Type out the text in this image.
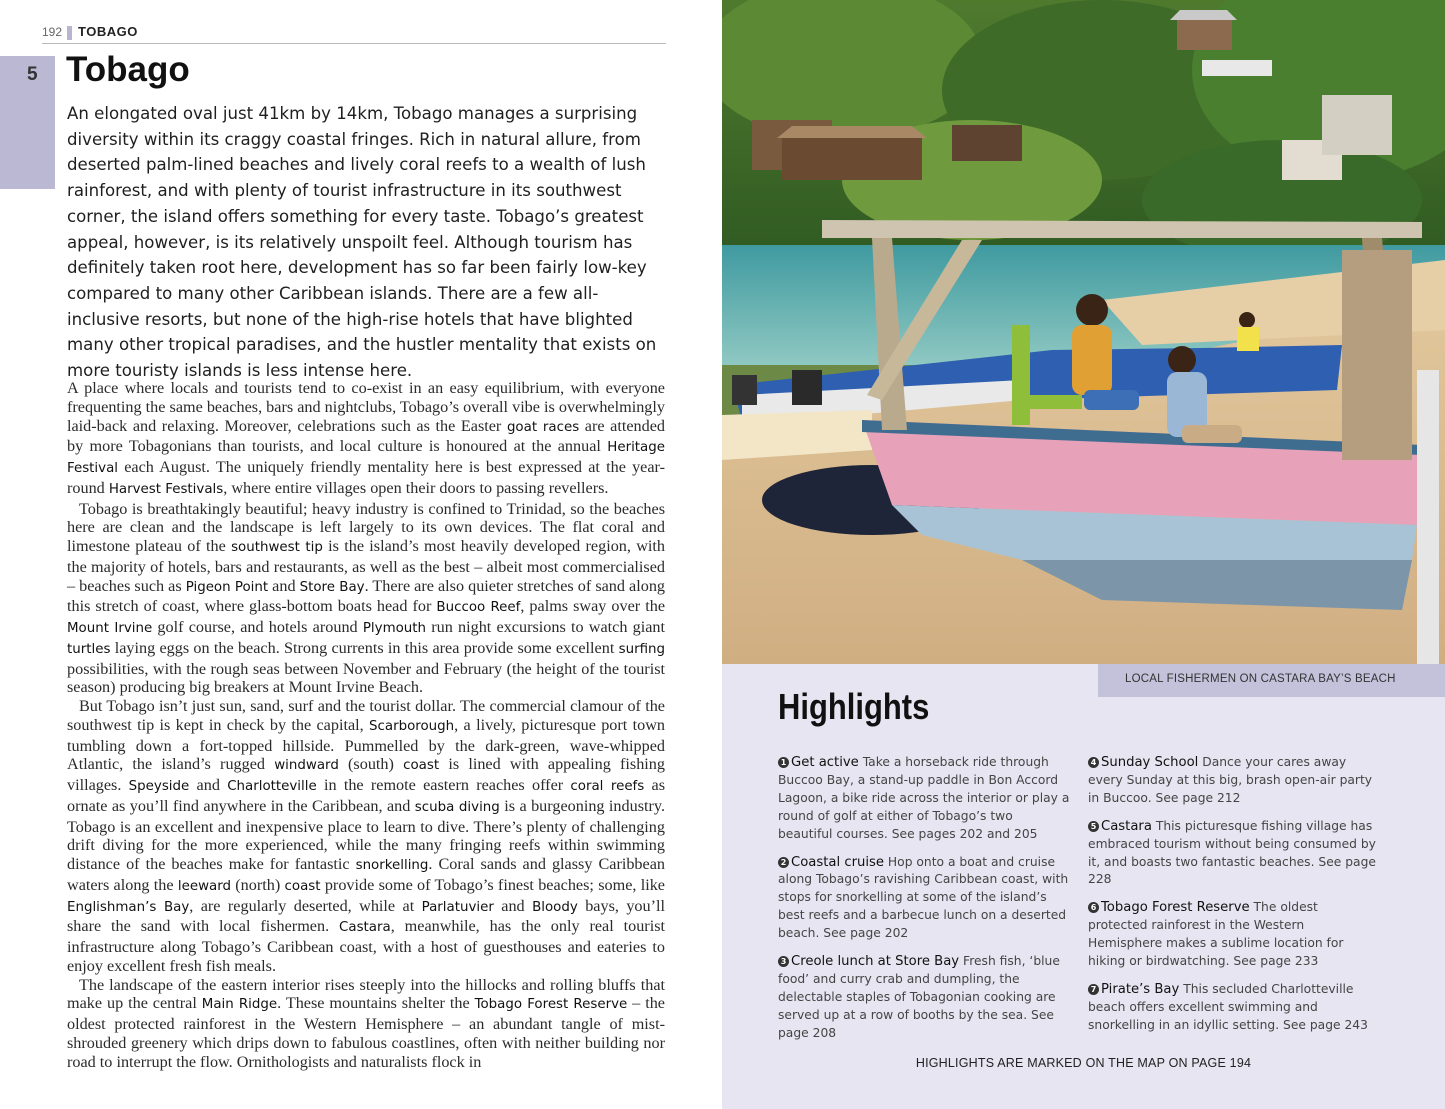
192 TOBAGO
5 Tobago

An elongated oval just 41km by 14km, Tobago manages a surprising diversity within its craggy coastal fringes. Rich in natural allure, from deserted palm-lined beaches and lively coral reefs to a wealth of lush rainforest, and with plenty of tourist infrastructure in its southwest corner, the island offers something for every taste. Tobago’s greatest appeal, however, is its relatively unspoilt feel. Although tourism has definitely taken root here, development has so far been fairly low-key compared to many other Caribbean islands. There are a few all-inclusive resorts, but none of the high-rise hotels that have blighted many other tropical paradises, and the hustler mentality that exists on more touristy islands is less intense here.

A place where locals and tourists tend to co-exist in an easy equilibrium, with everyone frequenting the same beaches, bars and nightclubs, Tobago’s overall vibe is overwhelmingly laid-back and relaxing. Moreover, celebrations such as the Easter goat races are attended by more Tobagonians than tourists, and local culture is honoured at the annual Heritage Festival each August. The uniquely friendly mentality here is best expressed at the year-round Harvest Festivals, where entire villages open their doors to passing revellers.

Tobago is breathtakingly beautiful; heavy industry is confined to Trinidad, so the beaches here are clean and the landscape is left largely to its own devices. The flat coral and limestone plateau of the southwest tip is the island’s most heavily developed region, with the majority of hotels, bars and restaurants, as well as the best – albeit most commercialised – beaches such as Pigeon Point and Store Bay. There are also quieter stretches of sand along this stretch of coast, where glass-bottom boats head for Buccoo Reef, palms sway over the Mount Irvine golf course, and hotels around Plymouth run night excursions to watch giant turtles laying eggs on the beach. Strong currents in this area provide some excellent surfing possibilities, with the rough seas between November and February (the height of the tourist season) producing big breakers at Mount Irvine Beach.

But Tobago isn’t just sun, sand, surf and the tourist dollar. The commercial clamour of the southwest tip is kept in check by the capital, Scarborough, a lively, picturesque port town tumbling down a fort-topped hillside. Pummelled by the dark-green, wave-whipped Atlantic, the island’s rugged windward (south) coast is lined with appealing fishing villages. Speyside and Charlotteville in the remote eastern reaches offer coral reefs as ornate as you’ll find anywhere in the Caribbean, and scuba diving is a burgeoning industry. Tobago is an excellent and inexpensive place to learn to dive. There’s plenty of challenging drift diving for the more experienced, while the many fringing reefs within swimming distance of the beaches make for fantastic snorkelling. Coral sands and glassy Caribbean waters along the leeward (north) coast provide some of Tobago’s finest beaches; some, like Englishman’s Bay, are regularly deserted, while at Parlatuvier and Bloody bays, you’ll share the sand with local fishermen. Castara, meanwhile, has the only real tourist infrastructure along Tobago’s Caribbean coast, with a host of guesthouses and eateries to enjoy excellent fresh fish meals.

The landscape of the eastern interior rises steeply into the hillocks and rolling bluffs that make up the central Main Ridge. These mountains shelter the Tobago Forest Reserve – the oldest protected rainforest in the Western Hemisphere – an abundant tangle of mist-shrouded greenery which drips down to fabulous coastlines, often with neither building nor road to interrupt the flow. Ornithologists and naturalists flock in

LOCAL FISHERMEN ON CASTARA BAY’S BEACH
Highlights
1 Get active Take a horseback ride through Buccoo Bay, a stand-up paddle in Bon Accord Lagoon, a bike ride across the interior or play a round of golf at either of Tobago’s two beautiful courses. See pages 202 and 205
2 Coastal cruise Hop onto a boat and cruise along Tobago’s ravishing Caribbean coast, with stops for snorkelling at some of the island’s best reefs and a barbecue lunch on a deserted beach. See page 202
3 Creole lunch at Store Bay Fresh fish, ‘blue food’ and curry crab and dumpling, the delectable staples of Tobagonian cooking are served up at a row of booths by the sea. See page 208
4 Sunday School Dance your cares away every Sunday at this big, brash open-air party in Buccoo. See page 212
5 Castara This picturesque fishing village has embraced tourism without being consumed by it, and boasts two fantastic beaches. See page 228
6 Tobago Forest Reserve The oldest protected rainforest in the Western Hemisphere makes a sublime location for hiking or birdwatching. See page 233
7 Pirate’s Bay This secluded Charlotteville beach offers excellent swimming and snorkelling in an idyllic setting. See page 243
HIGHLIGHTS ARE MARKED ON THE MAP ON PAGE 194
